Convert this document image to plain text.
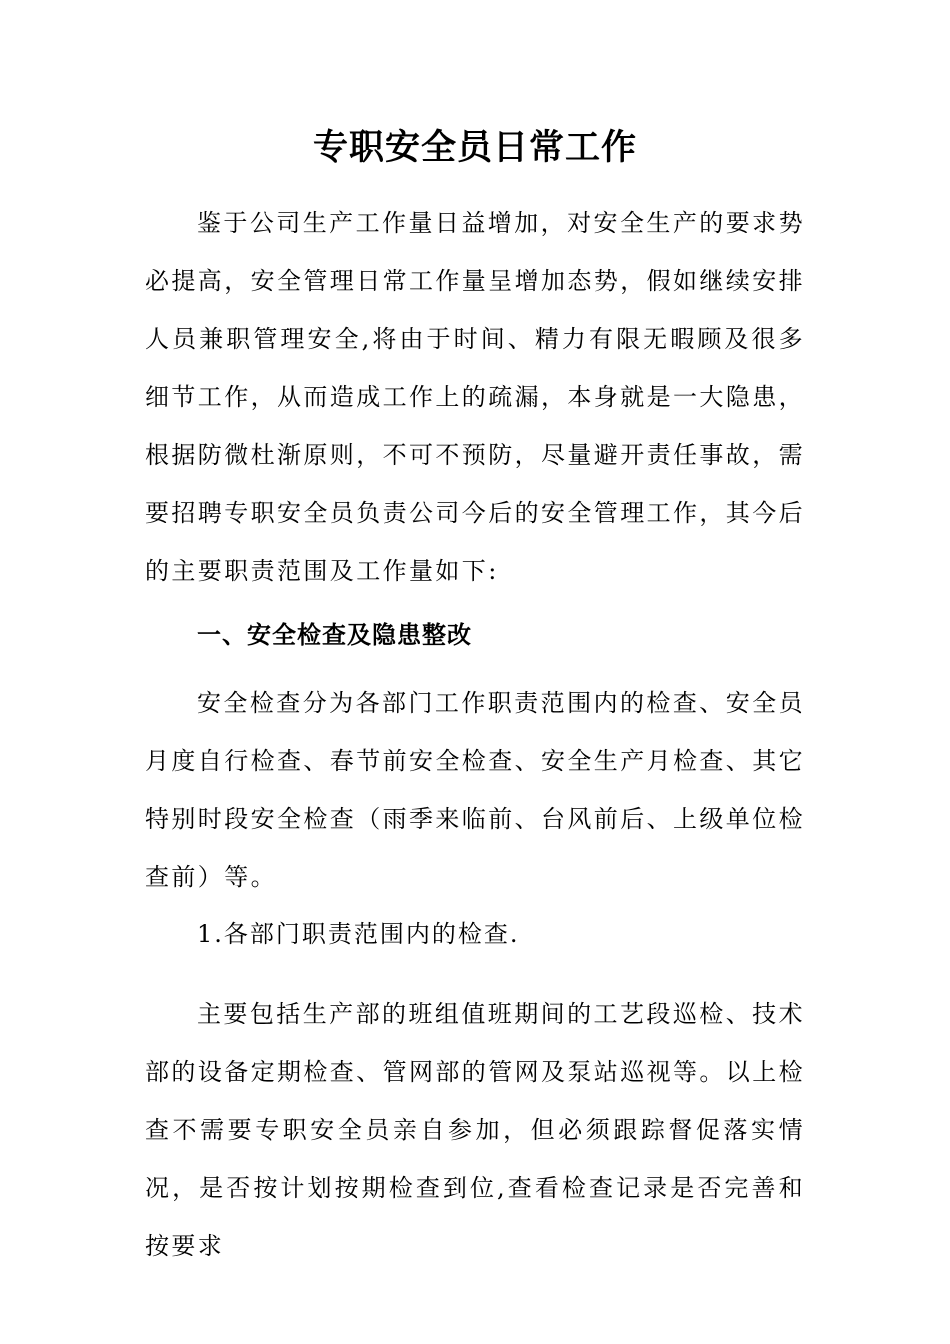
专职安全员日常工作
鉴于公司生产工作量日益增加，对安全生产的要求势必提高，安全管理日常工作量呈增加态势，假如继续安排人员兼职管理安全,将由于时间、精力有限无暇顾及很多细节工作，从而造成工作上的疏漏，本身就是一大隐患，根据防微杜渐原则，不可不预防，尽量避开责任事故，需要招聘专职安全员负责公司今后的安全管理工作，其今后的主要职责范围及工作量如下:
一、安全检查及隐患整改
安全检查分为各部门工作职责范围内的检查、安全员月度自行检查、春节前安全检查、安全生产月检查、其它特别时段安全检查（雨季来临前、台风前后、上级单位检查前）等。
1.各部门职责范围内的检查.
主要包括生产部的班组值班期间的工艺段巡检、技术部的设备定期检查、管网部的管网及泵站巡视等。以上检查不需要专职安全员亲自参加，但必须跟踪督促落实情况，是否按计划按期检查到位,查看检查记录是否完善和按要求
